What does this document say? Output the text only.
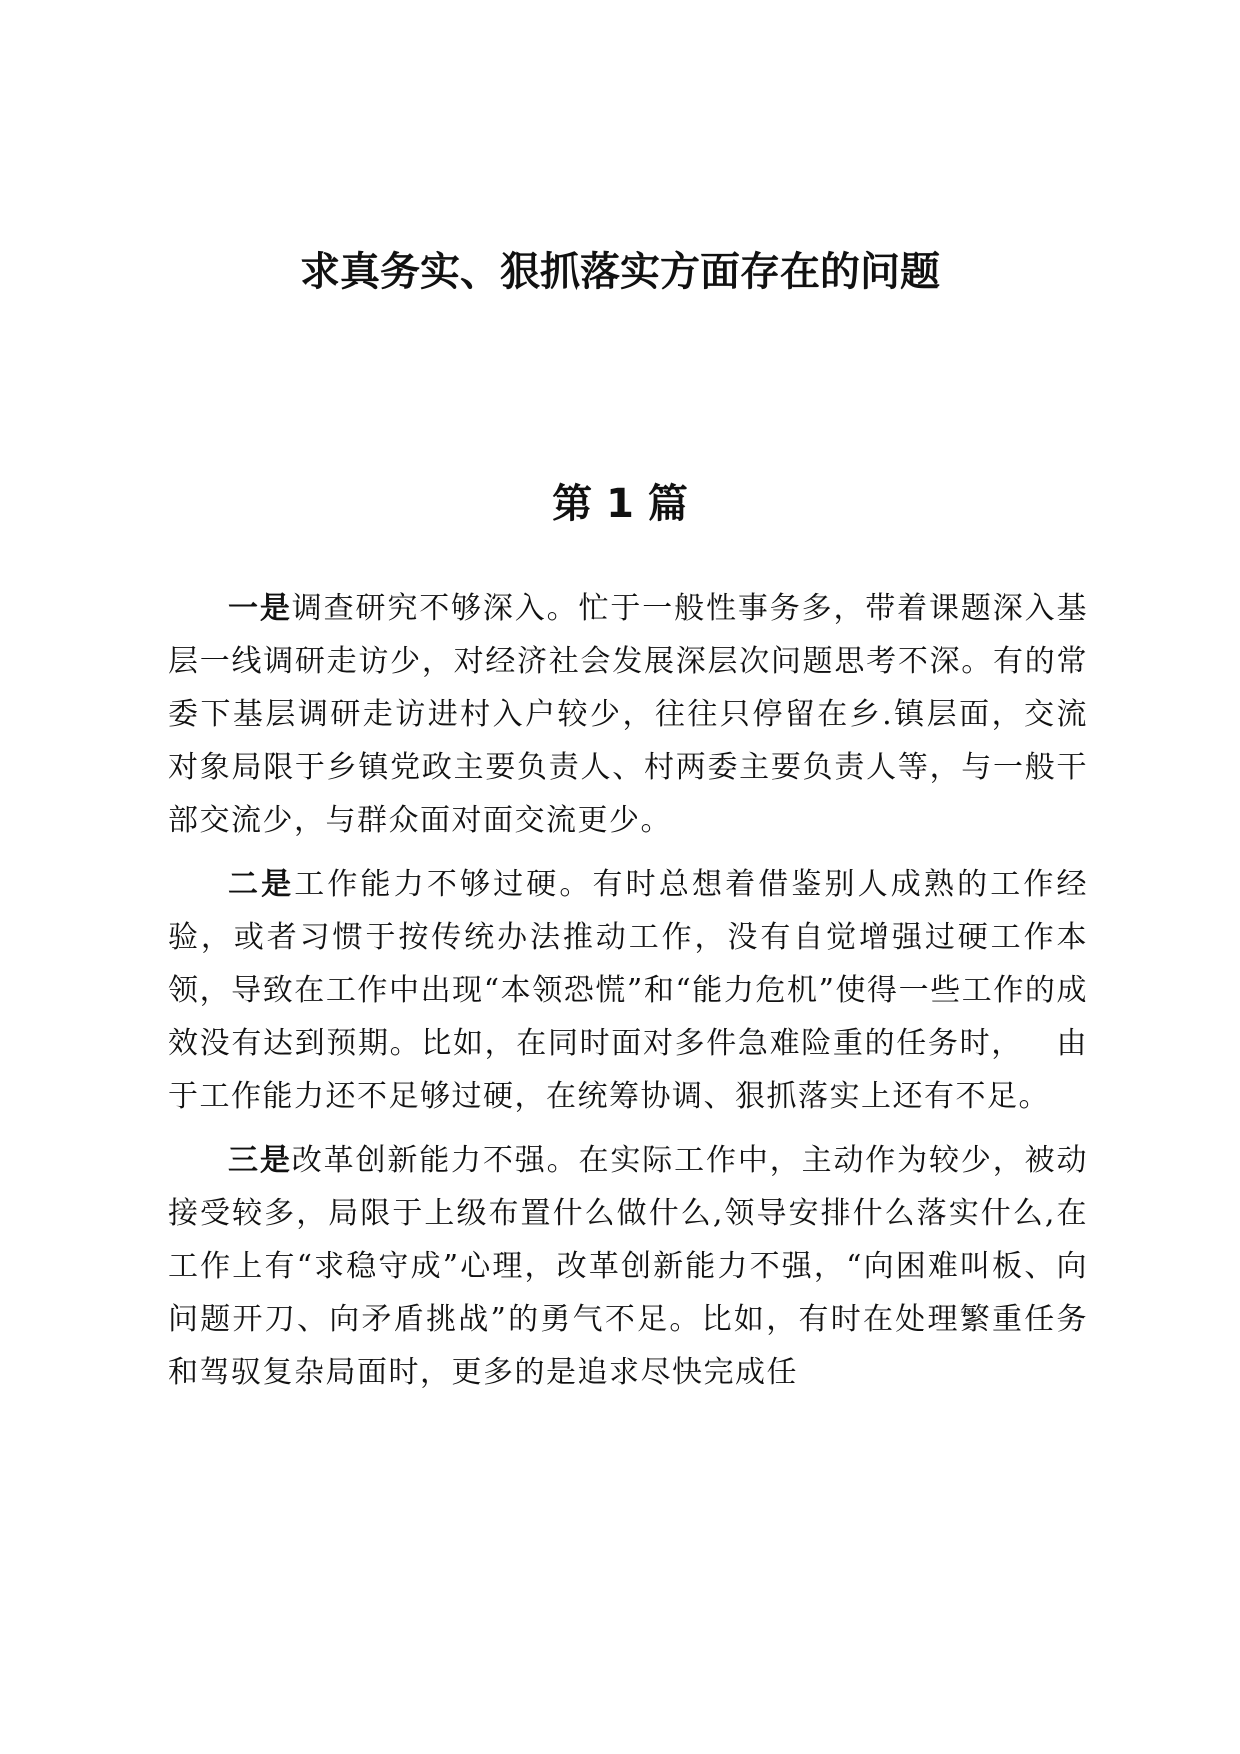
求真务实、狠抓落实方面存在的问题
第 1 篇

一是调查研究不够深入。忙于一般性事务多，带着课题深入基层一线调研走访少，对经济社会发展深层次问题思考不深。有的常委下基层调研走访进村入户较少，往往只停留在乡.镇层面，交流对象局限于乡镇党政主要负责人、村两委主要负责人等，与一般干部交流少，与群众面对面交流更少。

二是工作能力不够过硬。有时总想着借鉴别人成熟的工作经验，或者习惯于按传统办法推动工作，没有自觉增强过硬工作本领，导致在工作中出现“本领恐慌”和“能力危机”使得一些工作的成效没有达到预期。比如，在同时面对多件急难险重的任务时，   由于工作能力还不足够过硬，在统筹协调、狠抓落实上还有不足。

三是改革创新能力不强。在实际工作中，主动作为较少，被动接受较多，局限于上级布置什么做什么,领导安排什么落实什么,在工作上有“求稳守成”心理，改革创新能力不强，“向困难叫板、向问题开刀、向矛盾挑战”的勇气不足。比如，有时在处理繁重任务和驾驭复杂局面时，更多的是追求尽快完成任
